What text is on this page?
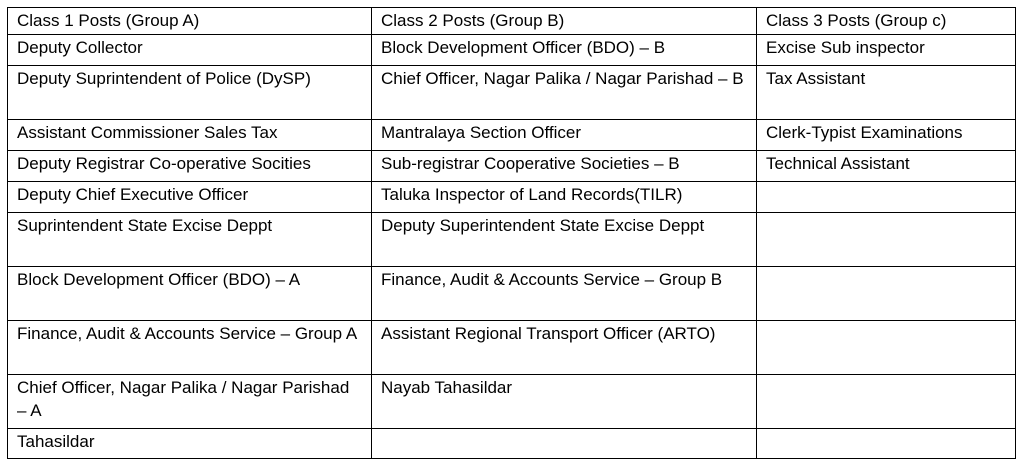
Class 1 Posts (Group A)	Class 2 Posts (Group B)	Class 3 Posts (Group c)
Deputy Collector	Block Development Officer (BDO) – B	Excise Sub inspector
Deputy Suprintendent of Police (DySP)	Chief Officer, Nagar Palika / Nagar Parishad – B	Tax Assistant
Assistant Commissioner Sales Tax	Mantralaya Section Officer	Clerk-Typist Examinations
Deputy Registrar Co-operative Socities	Sub-registrar Cooperative Societies – B	Technical Assistant
Deputy Chief Executive Officer	Taluka Inspector of Land Records(TILR)	
Suprintendent State Excise Deppt	Deputy Superintendent State Excise Deppt	
Block Development Officer (BDO) – A	Finance, Audit & Accounts Service – Group B	
Finance, Audit & Accounts Service – Group A	Assistant Regional Transport Officer (ARTO)	
Chief Officer, Nagar Palika / Nagar Parishad – A	Nayab Tahasildar	
Tahasildar		
